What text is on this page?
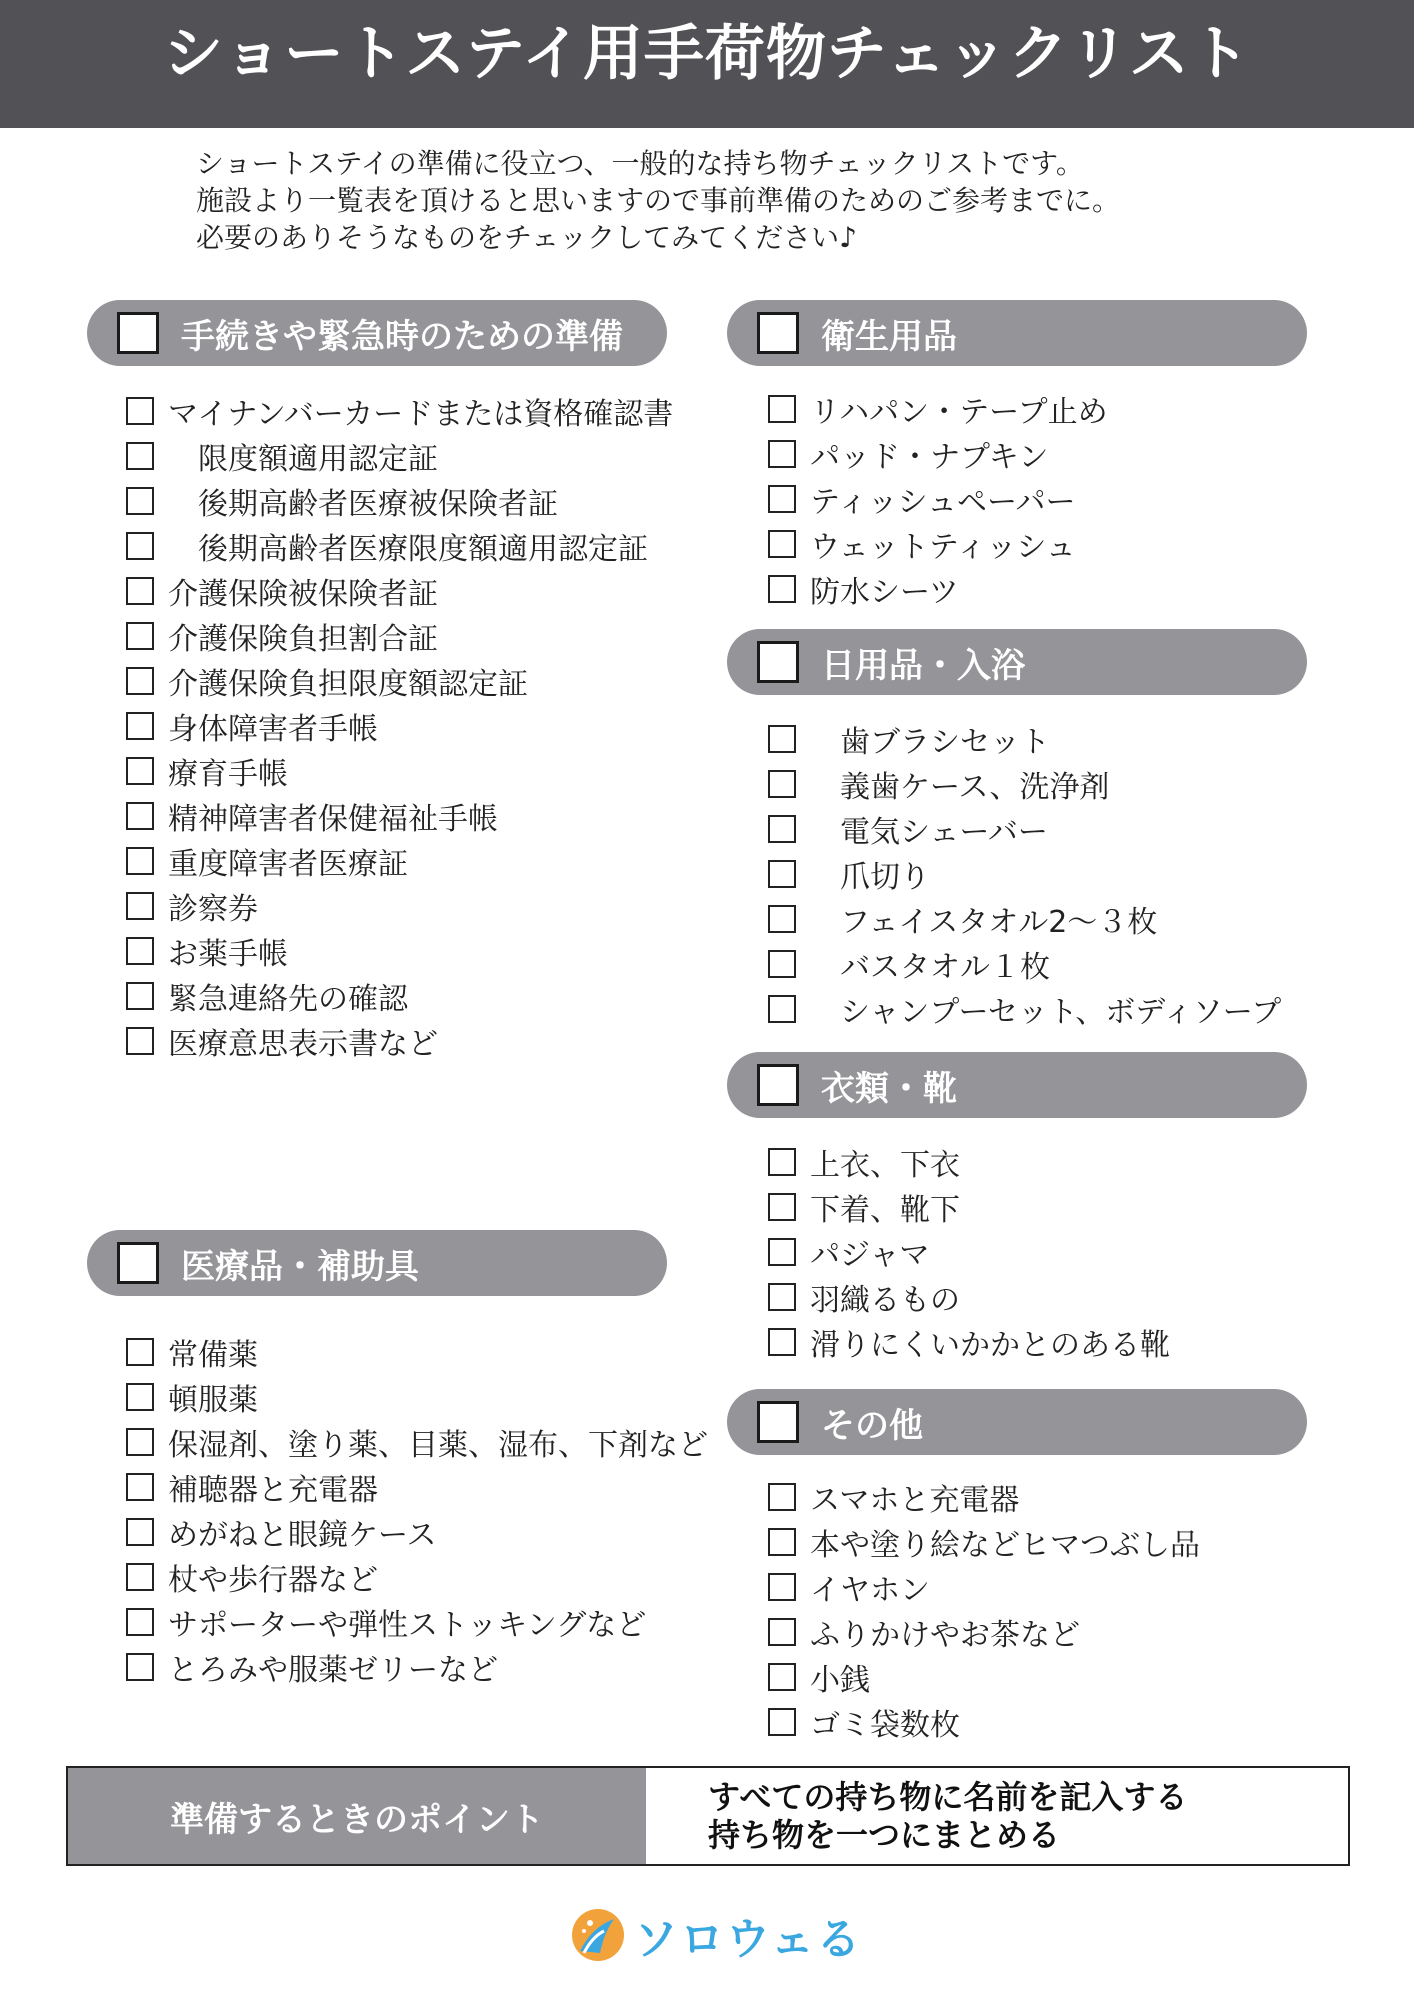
ショートステイ用手荷物チェックリスト
ショートステイの準備に役立つ、一般的な持ち物チェックリストです。
施設より一覧表を頂けると思いますので事前準備のためのご参考までに。
必要のありそうなものをチェックしてみてください♪
手続きや緊急時のための準備
マイナンバーカードまたは資格確認書
限度額適用認定証
後期高齢者医療被保険者証
後期高齢者医療限度額適用認定証
介護保険被保険者証
介護保険負担割合証
介護保険負担限度額認定証
身体障害者手帳
療育手帳
精神障害者保健福祉手帳
重度障害者医療証
診察券
お薬手帳
緊急連絡先の確認
医療意思表示書など
医療品・補助具
常備薬
頓服薬
保湿剤、塗り薬、目薬、湿布、下剤など
補聴器と充電器
めがねと眼鏡ケース
杖や歩行器など
サポーターや弾性ストッキングなど
とろみや服薬ゼリーなど
衛生用品
リハパン・テープ止め
パッド・ナプキン
ティッシュペーパー
ウェットティッシュ
防水シーツ
日用品・入浴
歯ブラシセット
義歯ケース、洗浄剤
電気シェーバー
爪切り
フェイスタオル2〜３枚
バスタオル１枚
シャンプーセット、ボディソープ
衣類・靴
上衣、下衣
下着、靴下
パジャマ
羽織るもの
滑りにくいかかとのある靴
その他
スマホと充電器
本や塗り絵などヒマつぶし品
イヤホン
ふりかけやお茶など
小銭
ゴミ袋数枚
準備するときのポイント
すべての持ち物に名前を記入する
持ち物を一つにまとめる
ソロウェる
